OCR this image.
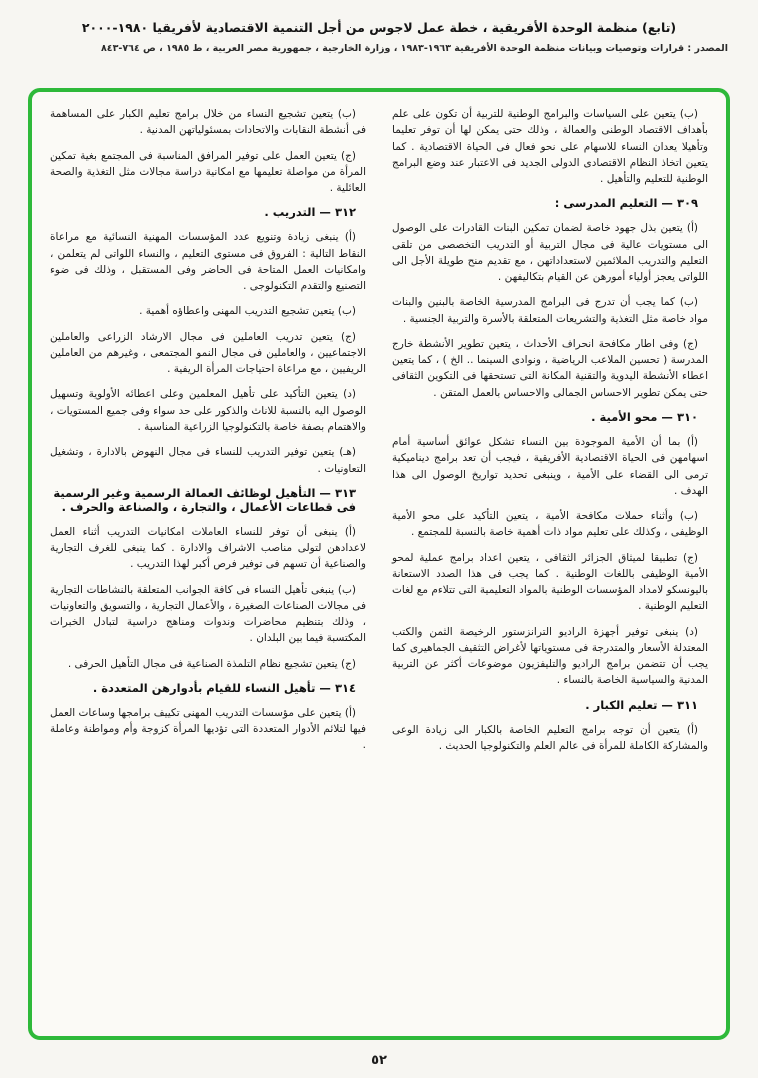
(تابع) منظمة الوحدة الأفريقية ، خطة عمل لاجوس من أجل التنمية الاقتصادية لأفريقيا ١٩٨٠-٢٠٠٠
المصدر : قرارات وتوصيات وبيانات منظمة الوحدة الأفريقية ١٩٦٣-١٩٨٣ ، وزارة الخارجية ، جمهورية مصر العربية ، ط ١٩٨٥ ، ص ٧٦٤-٨٤٣

(ب) يتعين على السياسات والبرامج الوطنية للتربية أن تكون على علم بأهداف الاقتصاد الوطنى والعمالة ، وذلك حتى يمكن لها أن توفر تعليما وتأهيلا يعدان النساء للاسهام على نحو فعال فى الحياة الاقتصادية . كما يتعين اتخاذ النظام الاقتصادى الدولى الجديد فى الاعتبار عند وضع البرامج الوطنية للتعليم والتأهيل .

٣٠٩ — التعليم المدرسى :

(أ) يتعين بذل جهود خاصة لضمان تمكين البنات القادرات على الوصول الى مستويات عالية فى مجال التربية أو التدريب التخصصى من تلقى التعليم والتدريب الملائمين لاستعداداتهن ، مع تقديم منح طويلة الأجل الى اللواتى يعجز أولياء أمورهن عن القيام بتكاليفهن .

(ب) كما يجب أن تدرج فى البرامج المدرسية الخاصة بالبنين والبنات مواد خاصة مثل التغذية والتشريعات المتعلقة بالأسرة والتربية الجنسية .

(ج) وفى اطار مكافحة انحراف الأحداث ، يتعين تطوير الأنشطة خارج المدرسة ( تحسين الملاعب الرياضية ، ونوادى السينما .. الخ ) ، كما يتعين اعطاء الأنشطة اليدوية والتقنية المكانة التى تستحقها فى التكوين الثقافى حتى يمكن تطوير الاحساس الجمالى والاحساس بالعمل المتقن .

٣١٠ — محو الأمية .

(أ) بما أن الأمية الموجودة بين النساء تشكل عوائق أساسية أمام اسهامهن فى الحياة الاقتصادية الأفريقية ، فيجب أن تعد برامج ديناميكية ترمى الى القضاء على الأمية ، وينبغى تحديد تواريخ الوصول الى هذا الهدف .

(ب) وأثناء حملات مكافحة الأمية ، يتعين التأكيد على محو الأمية الوظيفى ، وكذلك على تعليم مواد ذات أهمية خاصة بالنسبة للمجتمع .

(ج) تطبيقا لميثاق الجزائر الثقافى ، يتعين اعداد برامج عملية لمحو الأمية الوظيفى باللغات الوطنية . كما يجب فى هذا الصدد الاستعانة باليونسكو لامداد المؤسسات الوطنية بالمواد التعليمية التى تتلاءم مع لغات التعليم الوطنية .

(د) ينبغى توفير أجهزة الراديو الترانزستور الرخيصة الثمن والكتب المعتدلة الأسعار والمتدرجة فى مستوياتها لأغراض التثقيف الجماهيرى كما يجب أن تتضمن برامج الراديو والتليفزيون موضوعات أكثر عن التربية المدنية والسياسية الخاصة بالنساء .

٣١١ — تعليم الكبار .

(أ) يتعين أن توجه برامج التعليم الخاصة بالكبار الى زيادة الوعى والمشاركة الكاملة للمرأة فى عالم العلم والتكنولوجيا الحديث .

(ب) يتعين تشجيع النساء من خلال برامج تعليم الكبار على المساهمة فى أنشطة النقابات والاتحادات بمسئولياتهن المدنية .

(ج) يتعين العمل على توفير المرافق المناسبة فى المجتمع بغية تمكين المرأة من مواصلة تعليمها مع امكانية دراسة مجالات مثل التغذية والصحة العائلية .

٣١٢ — التدريب .

(أ) ينبغى زيادة وتنويع عدد المؤسسات المهنية النسائية مع مراعاة النقاط التالية : الفروق فى مستوى التعليم ، والنساء اللواتى لم يتعلمن ، وامكانيات العمل المتاحة فى الحاضر وفى المستقبل ، وذلك فى ضوء التصنيع والتقدم التكنولوجى .

(ب) يتعين تشجيع التدريب المهنى واعطاؤه أهمية .

(ج) يتعين تدريب العاملين فى مجال الارشاد الزراعى والعاملين الاجتماعيين ، والعاملين فى مجال النمو المجتمعى ، وغيرهم من العاملين الريفيين ، مع مراعاة احتياجات المرأة الريفية .

(د) يتعين التأكيد على تأهيل المعلمين وعلى اعطائه الأولوية وتسهيل الوصول اليه بالنسبة للاناث والذكور على حد سواء وفى جميع المستويات ، والاهتمام بصفة خاصة بالتكنولوجيا الزراعية المناسبة .

(هـ) يتعين توفير التدريب للنساء فى مجال النهوض بالادارة ، وتشغيل التعاونيات .

٣١٣ — التأهيل لوظائف العمالة الرسمية وغير الرسمية فى قطاعات الأعمال ، والتجارة ، والصناعة والحرف .

(أ) ينبغى أن توفر للنساء العاملات امكانيات التدريب أثناء العمل لاعدادهن لتولى مناصب الاشراف والادارة . كما ينبغى للغرف التجارية والصناعية أن تسهم فى توفير فرص أكبر لهذا التدريب .

(ب) ينبغى تأهيل النساء فى كافة الجوانب المتعلقة بالنشاطات التجارية فى مجالات الصناعات الصغيرة ، والأعمال التجارية ، والتسويق والتعاونيات ، وذلك بتنظيم محاضرات وندوات ومناهج دراسية لتبادل الخبرات المكتسبة فيما بين البلدان .

(ج) يتعين تشجيع نظام التلمذة الصناعية فى مجال التأهيل الحرفى .

٣١٤ — تأهيل النساء للقيام بأدوارهن المتعددة .

(أ) يتعين على مؤسسات التدريب المهنى تكييف برامجها وساعات العمل فيها لتلائم الأدوار المتعددة التى تؤديها المرأة كزوجة وأم ومواطنة وعاملة .

٥٢
